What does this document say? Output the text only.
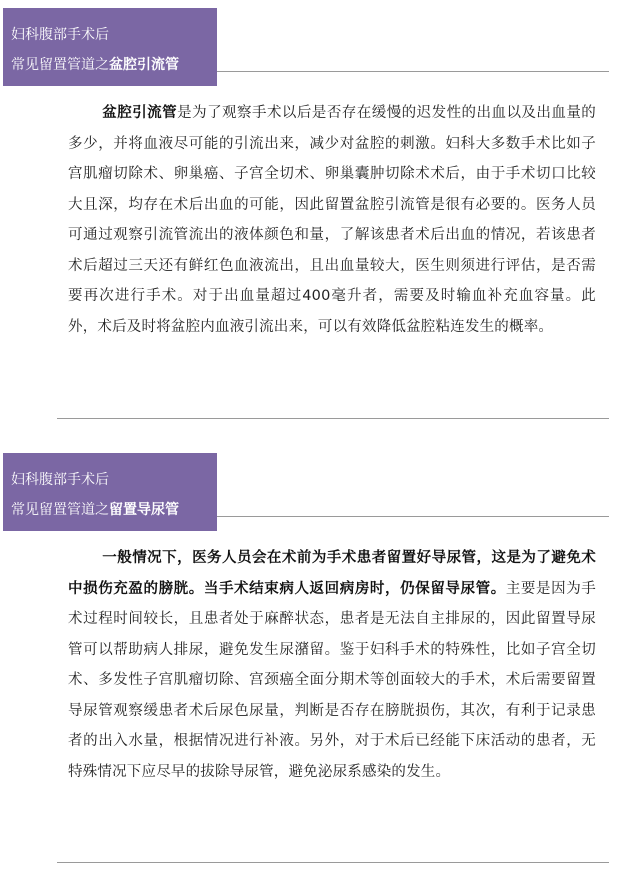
妇科腹部手术后
常见留置管道之盆腔引流管
盆腔引流管是为了观察手术以后是否存在缓慢的迟发性的出血以及出血量的多少，并将血液尽可能的引流出来，减少对盆腔的刺激。妇科大多数手术比如子宫肌瘤切除术、卵巢癌、子宫全切术、卵巢囊肿切除术术后，由于手术切口比较大且深，均存在术后出血的可能，因此留置盆腔引流管是很有必要的。医务人员可通过观察引流管流出的液体颜色和量，了解该患者术后出血的情况，若该患者术后超过三天还有鲜红色血液流出，且出血量较大，医生则须进行评估，是否需要再次进行手术。对于出血量超过400毫升者，需要及时输血补充血容量。此外，术后及时将盆腔内血液引流出来，可以有效降低盆腔粘连发生的概率。
妇科腹部手术后
常见留置管道之留置导尿管
一般情况下，医务人员会在术前为手术患者留置好导尿管，这是为了避免术中损伤充盈的膀胱。当手术结束病人返回病房时，仍保留导尿管。主要是因为手术过程时间较长，且患者处于麻醉状态，患者是无法自主排尿的，因此留置导尿管可以帮助病人排尿，避免发生尿潴留。鉴于妇科手术的特殊性，比如子宫全切术、多发性子宫肌瘤切除、宫颈癌全面分期术等创面较大的手术，术后需要留置导尿管观察缓患者术后尿色尿量，判断是否存在膀胱损伤，其次，有利于记录患者的出入水量，根据情况进行补液。另外，对于术后已经能下床活动的患者，无特殊情况下应尽早的拔除导尿管，避免泌尿系感染的发生。
